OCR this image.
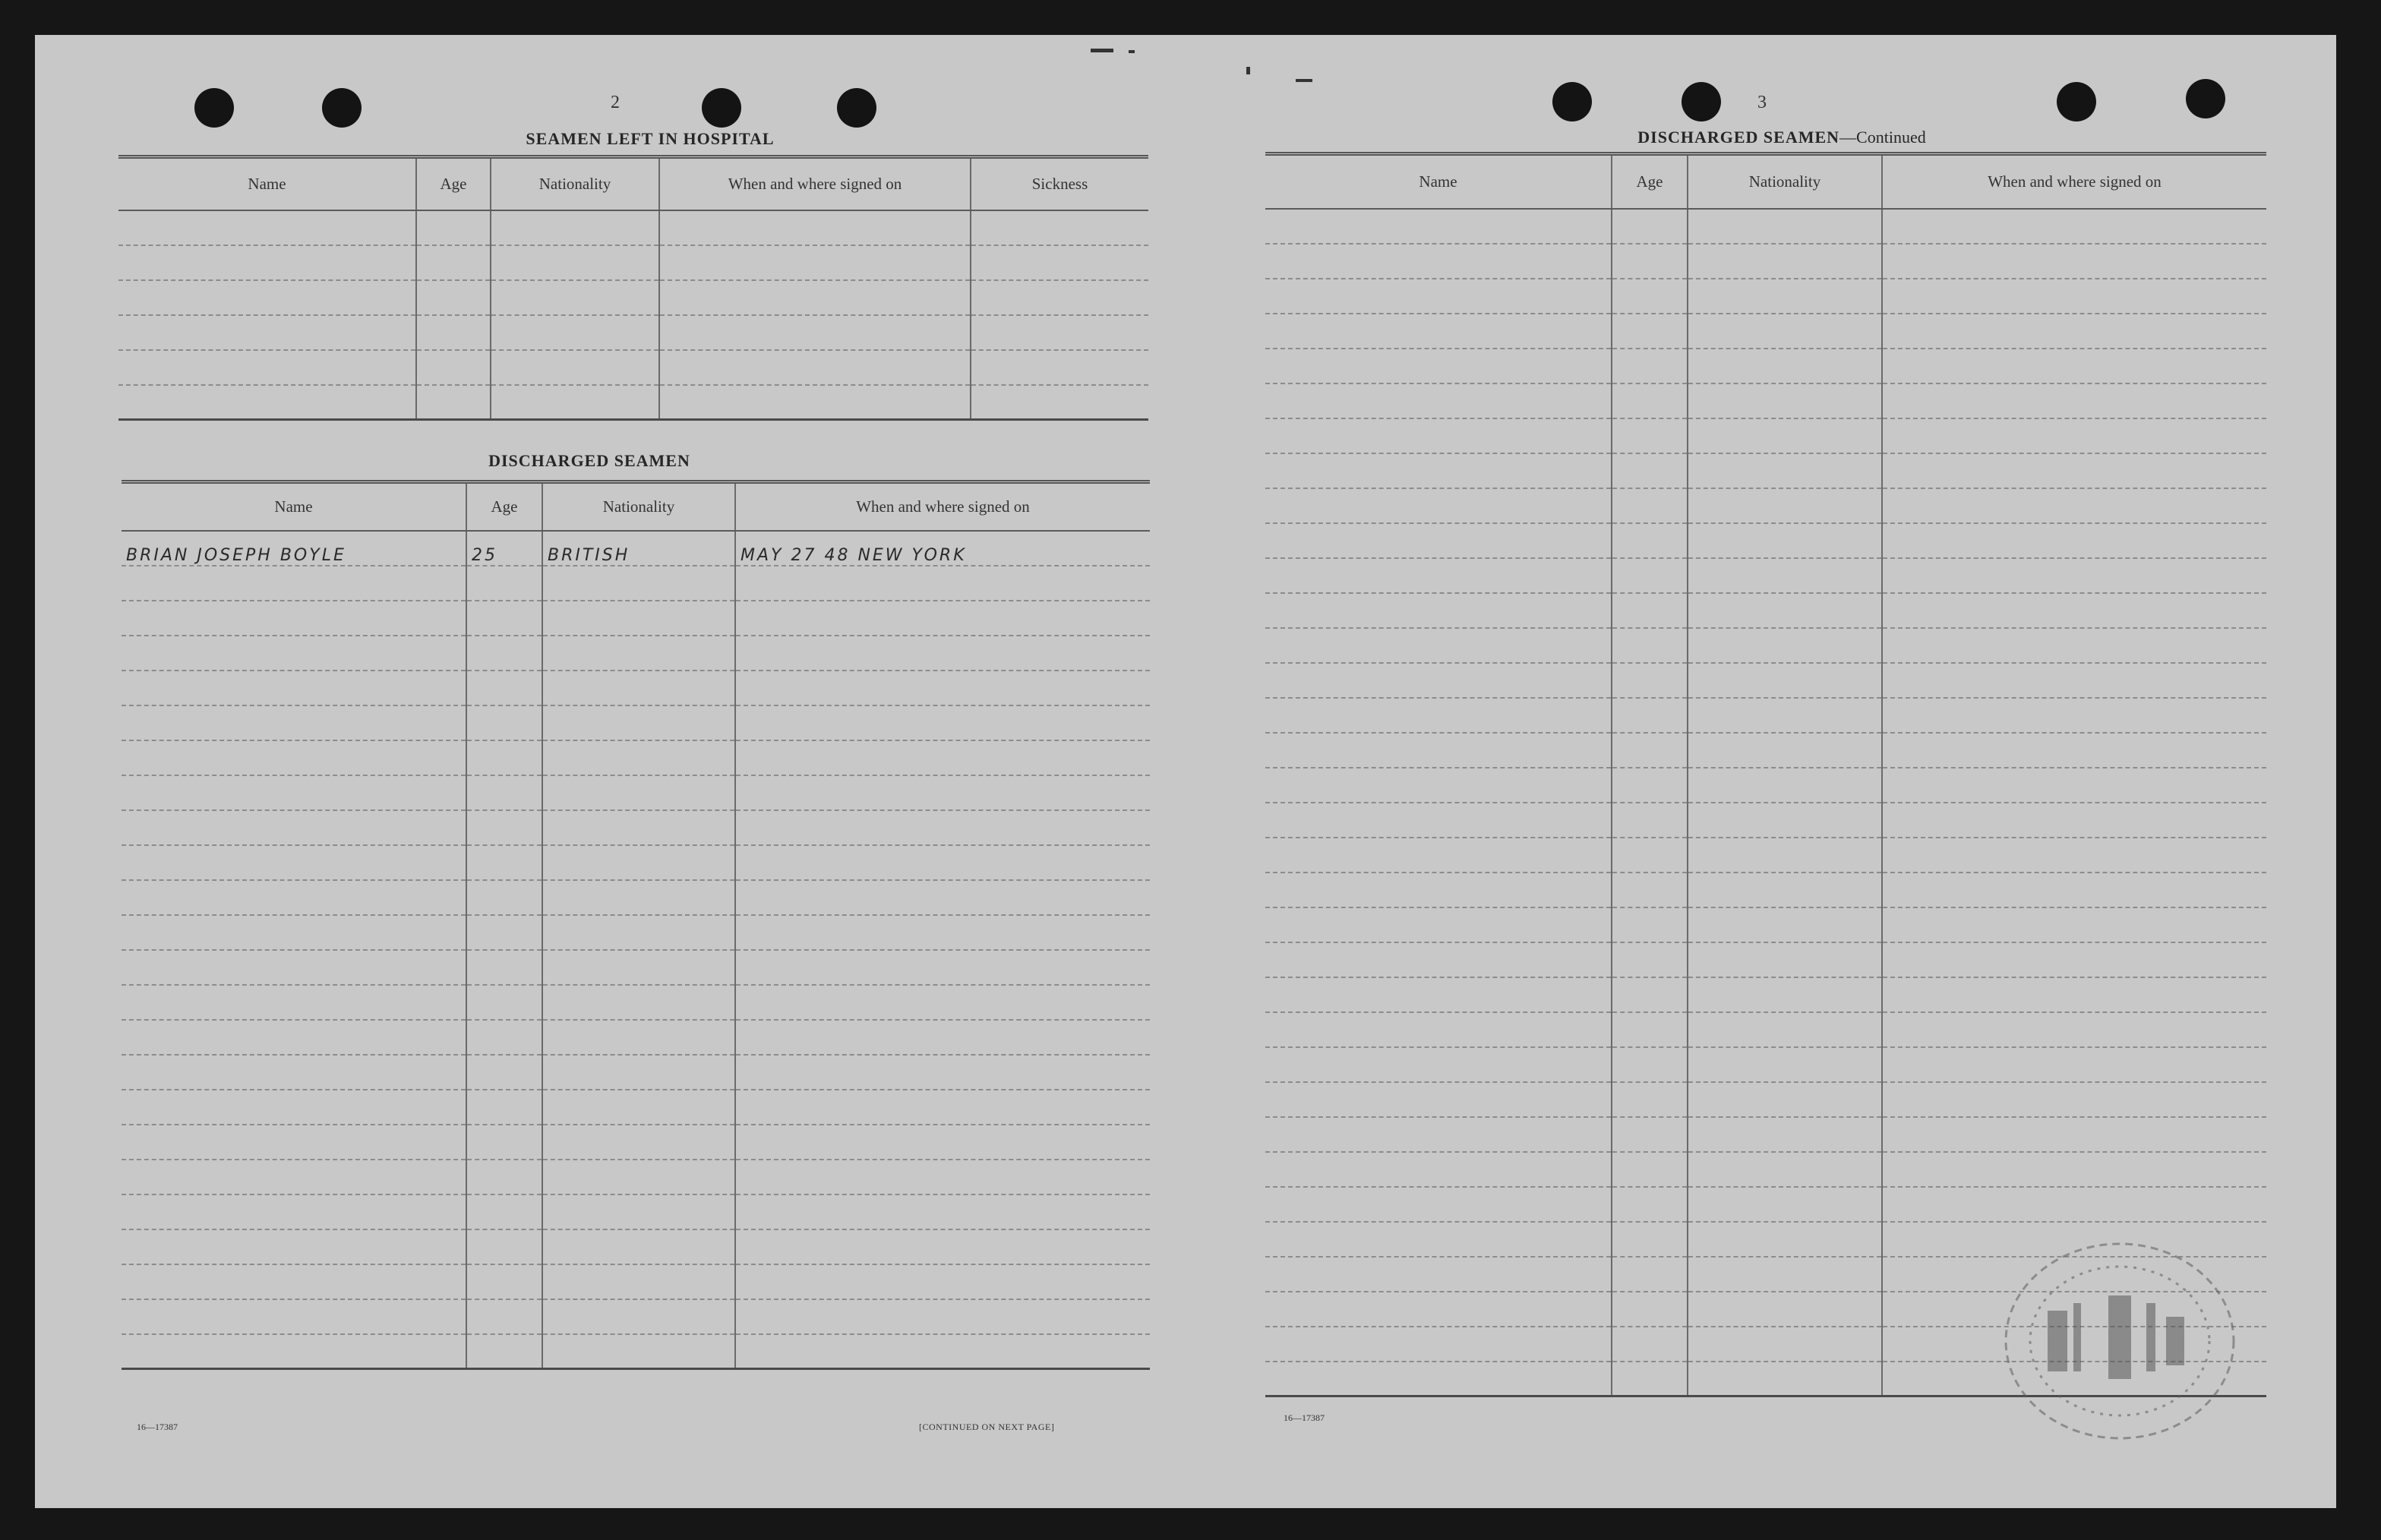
2
SEAMEN LEFT IN HOSPITAL
Name	Age	Nationality	When and where signed on	Sickness

DISCHARGED SEAMEN
Name	Age	Nationality	When and where signed on
BRIAN JOSEPH BOYLE	25	BRITISH	MAY 27 48 NEW YORK

16—17387	[CONTINUED ON NEXT PAGE]
3
DISCHARGED SEAMEN—Continued
Name	Age	Nationality	When and where signed on

16—17387
